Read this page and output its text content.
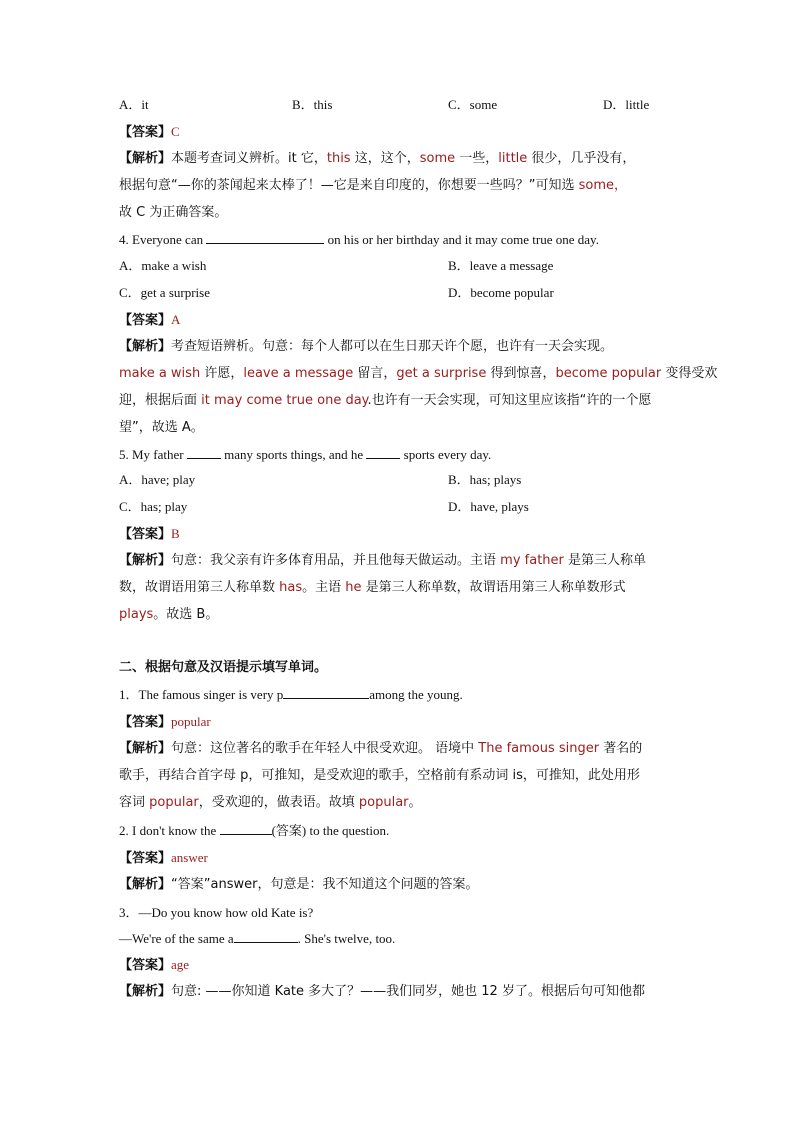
A．it	B．this	C．some	D．little
【答案】C
【解析】本题考查词义辨析。it 它，this 这，这个，some 一些，little 很少，几乎没有，
根据句意“—你的茶闻起来太棒了！—它是来自印度的，你想要一些吗？”可知选 some，
故 C 为正确答案。
4. Everyone can	on his or her birthday and it may come true one day.
A．make a wish	B．leave a message
C．get a surprise	D．become popular
【答案】A
【解析】考查短语辨析。句意：每个人都可以在生日那天许个愿，也许有一天会实现。
make a wish 许愿，leave a message 留言，get a surprise 得到惊喜，become popular 变得受欢
迎，根据后面 it may come true one day.也许有一天会实现，可知这里应该指“许的一个愿
望”，故选 A。
5. My father	many sports things, and he	sports every day.
A．have; play	B．has; plays
C．has; play	D．have, plays
【答案】B
【解析】句意：我父亲有许多体育用品，并且他每天做运动。主语 my father 是第三人称单
数，故谓语用第三人称单数 has。主语 he 是第三人称单数，故谓语用第三人称单数形式
plays。故选 B。
二、根据句意及汉语提示填写单词。
1．The famous singer is very p	among the young.
【答案】popular
【解析】句意：这位著名的歌手在年轻人中很受欢迎。 语境中 The famous singer 著名的
歌手，再结合首字母 p，可推知，是受欢迎的歌手，空格前有系动词 is，可推知，此处用形
容词 popular，受欢迎的，做表语。故填 popular。
2. I don't know the	(答案) to the question.
【答案】answer
【解析】“答案”answer，句意是：我不知道这个问题的答案。
3．—Do you know how old Kate is?
—We're of the same a	. She's twelve, too.
【答案】age
【解析】句意: ——你知道 Kate 多大了？——我们同岁，她也 12 岁了。根据后句可知他都
